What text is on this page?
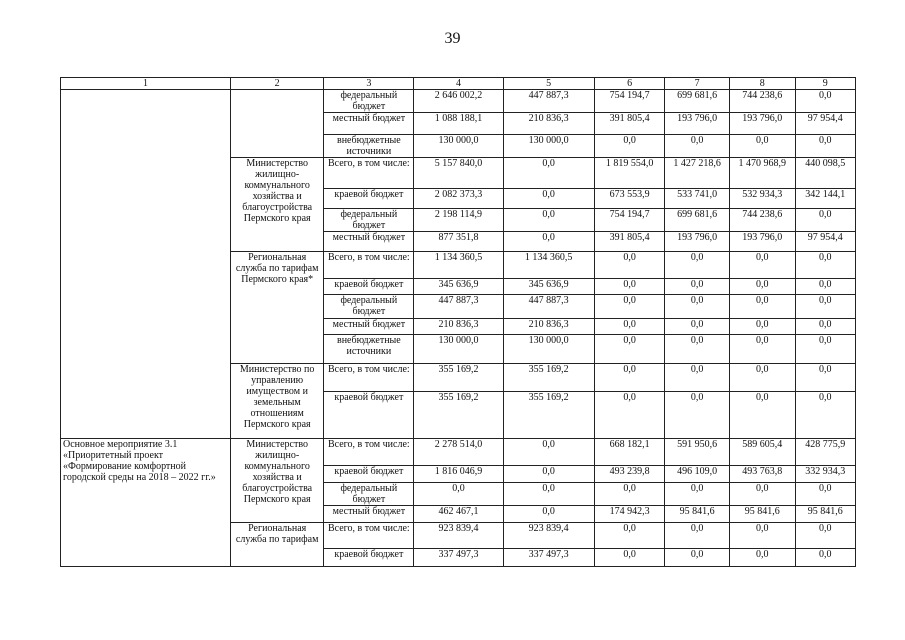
39
1	2	3	4	5	6	7	8	9
		федеральный бюджет	2 646 002,2	447 887,3	754 194,7	699 681,6	744 238,6	0,0
		местный бюджет	1 088 188,1	210 836,3	391 805,4	193 796,0	193 796,0	97 954,4
		внебюджетные источники	130 000,0	130 000,0	0,0	0,0	0,0	0,0
	Министерство жилищно-коммунального хозяйства и благоустройства Пермского края	Всего, в том числе:	5 157 840,0	0,0	1 819 554,0	1 427 218,6	1 470 968,9	440 098,5
		краевой бюджет	2 082 373,3	0,0	673 553,9	533 741,0	532 934,3	342 144,1
		федеральный бюджет	2 198 114,9	0,0	754 194,7	699 681,6	744 238,6	0,0
		местный бюджет	877 351,8	0,0	391 805,4	193 796,0	193 796,0	97 954,4
	Региональная служба по тарифам Пермского края*	Всего, в том числе:	1 134 360,5	1 134 360,5	0,0	0,0	0,0	0,0
		краевой бюджет	345 636,9	345 636,9	0,0	0,0	0,0	0,0
		федеральный бюджет	447 887,3	447 887,3	0,0	0,0	0,0	0,0
		местный бюджет	210 836,3	210 836,3	0,0	0,0	0,0	0,0
		внебюджетные источники	130 000,0	130 000,0	0,0	0,0	0,0	0,0
	Министерство по управлению имуществом и земельным отношениям Пермского края	Всего, в том числе:	355 169,2	355 169,2	0,0	0,0	0,0	0,0
		краевой бюджет	355 169,2	355 169,2	0,0	0,0	0,0	0,0
Основное мероприятие 3.1 «Приоритетный проект «Формирование комфортной городской среды на 2018 – 2022 гг.»	Министерство жилищно-коммунального хозяйства и благоустройства Пермского края	Всего, в том числе:	2 278 514,0	0,0	668 182,1	591 950,6	589 605,4	428 775,9
		краевой бюджет	1 816 046,9	0,0	493 239,8	496 109,0	493 763,8	332 934,3
		федеральный бюджет	0,0	0,0	0,0	0,0	0,0	0,0
		местный бюджет	462 467,1	0,0	174 942,3	95 841,6	95 841,6	95 841,6
	Региональная служба по тарифам	Всего, в том числе:	923 839,4	923 839,4	0,0	0,0	0,0	0,0
		краевой бюджет	337 497,3	337 497,3	0,0	0,0	0,0	0,0
